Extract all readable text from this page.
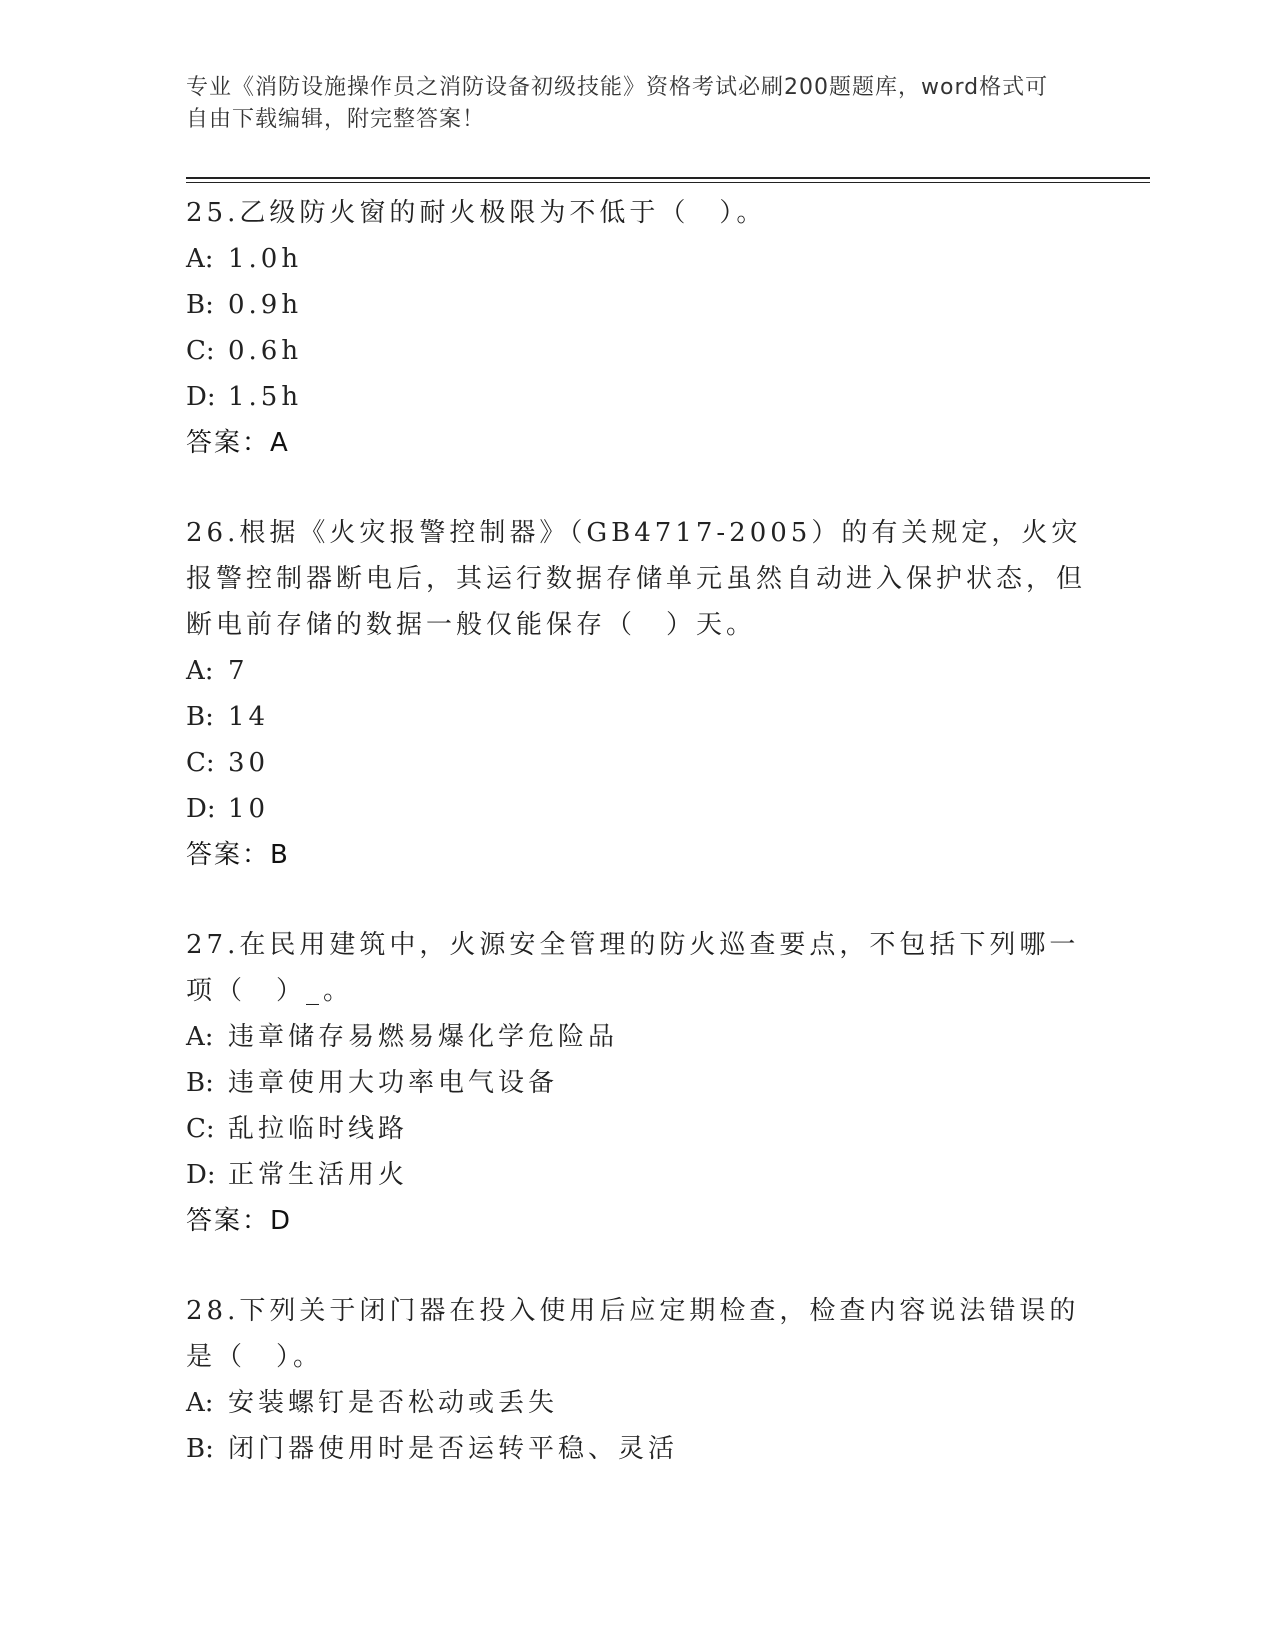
专业《消防设施操作员之消防设备初级技能》资格考试必刷200题题库，word格式可自由下载编辑，附完整答案！
25.乙级防火窗的耐火极限为不低于（　）。
A: 1.0h
B: 0.9h
C: 0.6h
D: 1.5h
答案：A
26.根据《火灾报警控制器》（GB4717-2005）的有关规定，火灾报警控制器断电后，其运行数据存储单元虽然自动进入保护状态，但断电前存储的数据一般仅能保存（　）天。
A: 7
B: 14
C: 30
D: 10
答案：B
27.在民用建筑中，火源安全管理的防火巡查要点，不包括下列哪一项（　）_。
A: 违章储存易燃易爆化学危险品
B: 违章使用大功率电气设备
C: 乱拉临时线路
D: 正常生活用火
答案：D
28.下列关于闭门器在投入使用后应定期检查，检查内容说法错误的是（　）。
A: 安装螺钉是否松动或丢失
B: 闭门器使用时是否运转平稳、灵活
